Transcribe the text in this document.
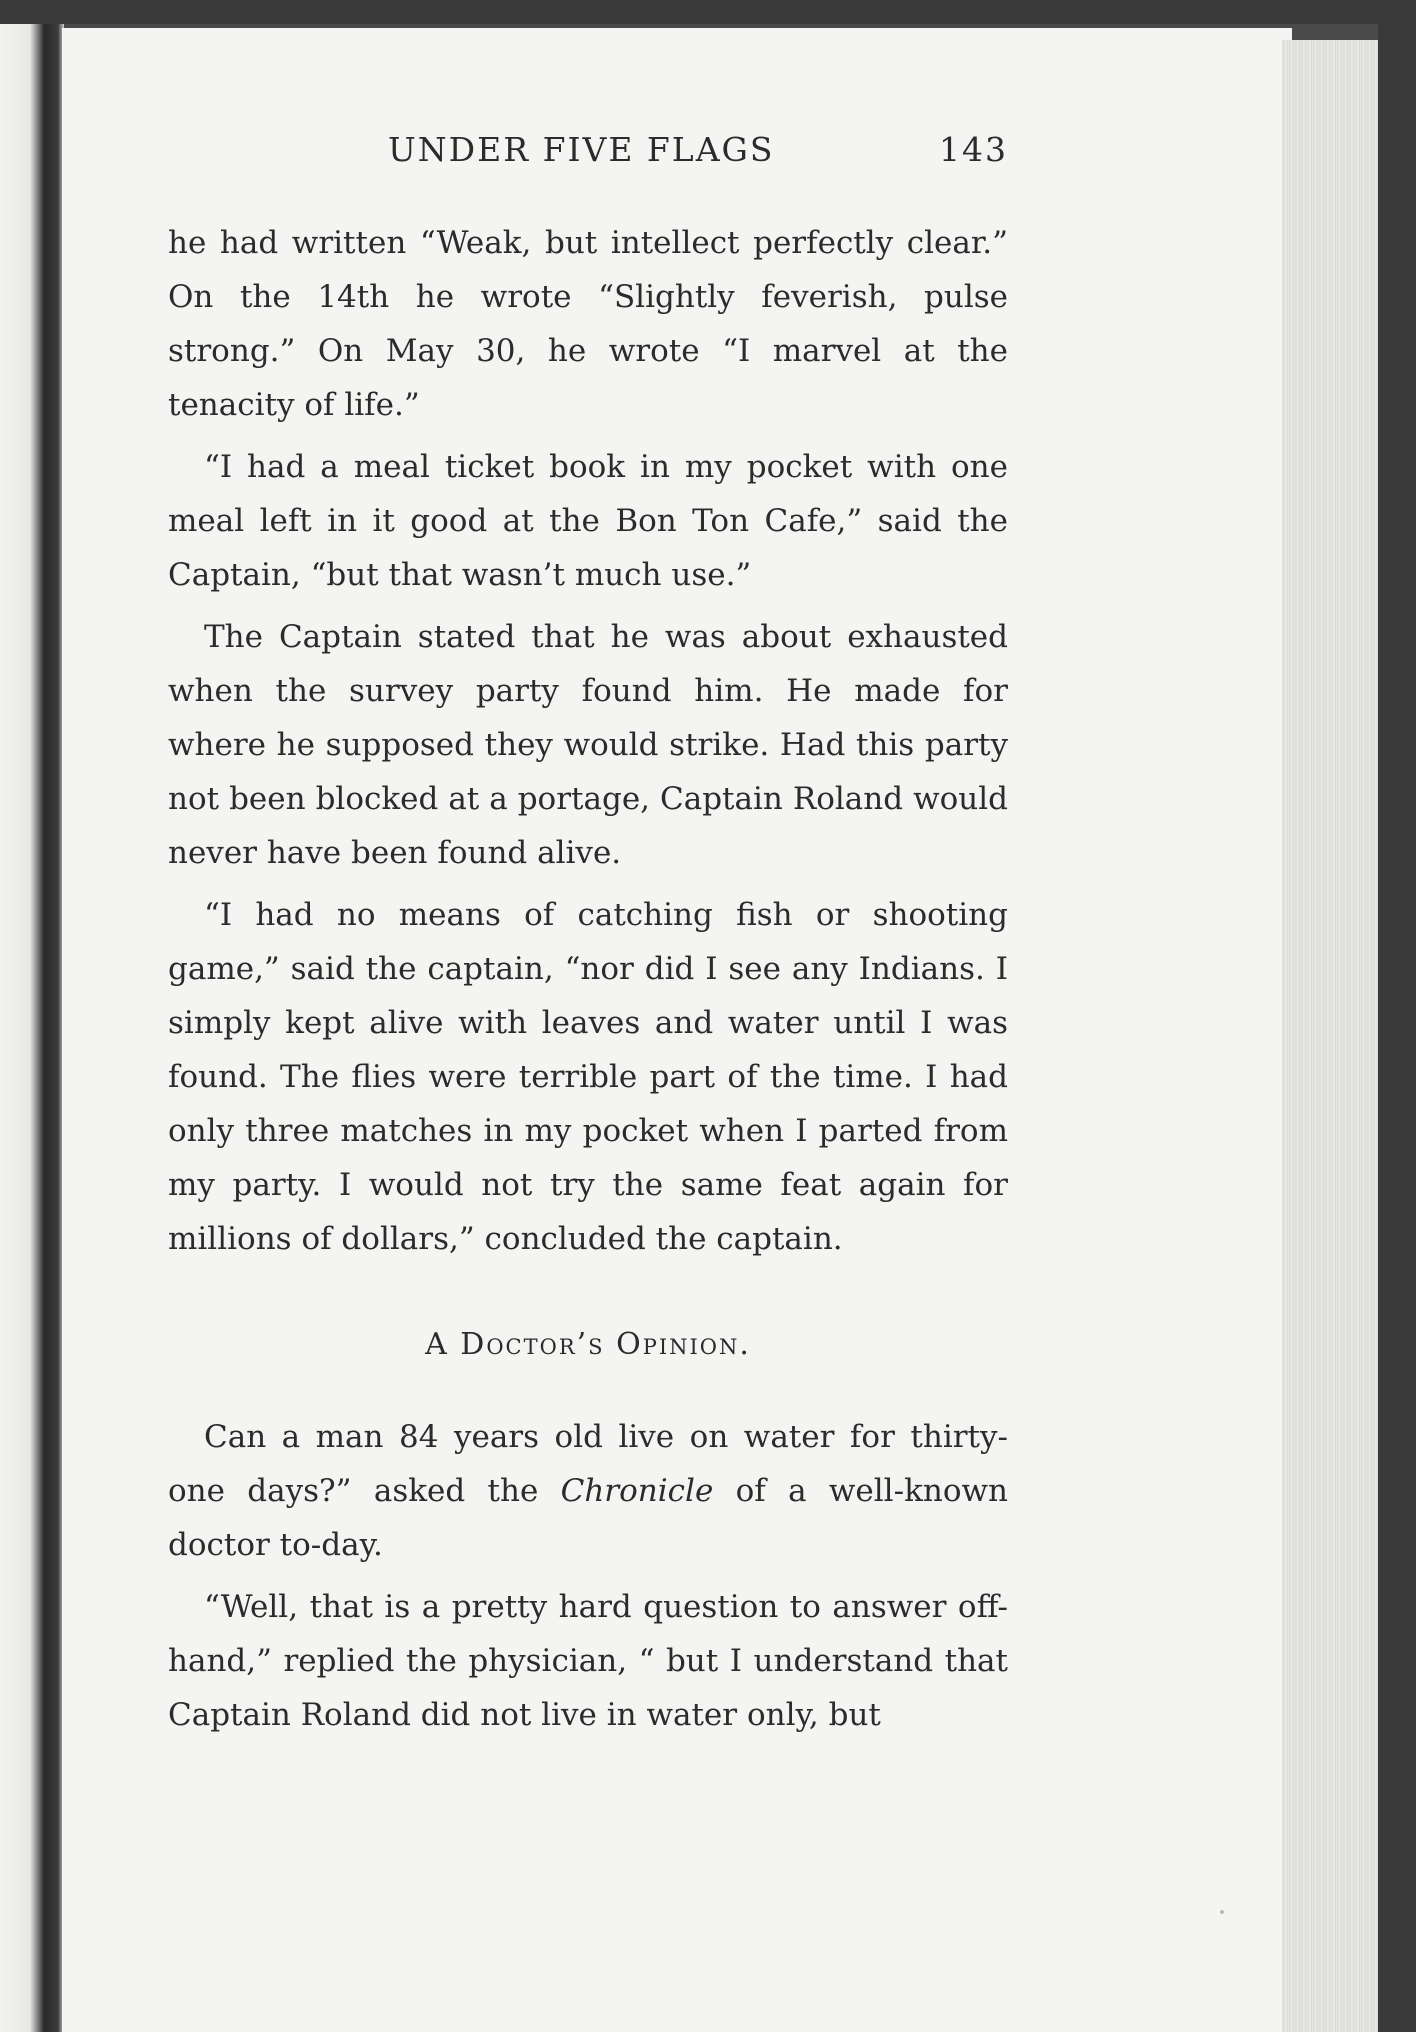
UNDER FIVE FLAGS	143

he had written “Weak, but intellect perfectly clear.” On the 14th he wrote “Slightly feverish, pulse strong.” On May 30, he wrote “I marvel at the tenacity of life.”

“I had a meal ticket book in my pocket with one meal left in it good at the Bon Ton Cafe,” said the Captain, “but that wasn’t much use.”

The Captain stated that he was about exhausted when the survey party found him. He made for where he supposed they would strike. Had this party not been blocked at a portage, Captain Roland would never have been found alive.

“I had no means of catching fish or shooting game,” said the captain, “nor did I see any Indians. I simply kept alive with leaves and water until I was found. The flies were terrible part of the time. I had only three matches in my pocket when I parted from my party. I would not try the same feat again for millions of dollars,” concluded the captain.

A Doctor’s Opinion.

Can a man 84 years old live on water for thirty-one days?” asked the Chronicle of a well-known doctor to-day.

“Well, that is a pretty hard question to answer off-hand,” replied the physician, “ but I understand that Captain Roland did not live in water only, but
